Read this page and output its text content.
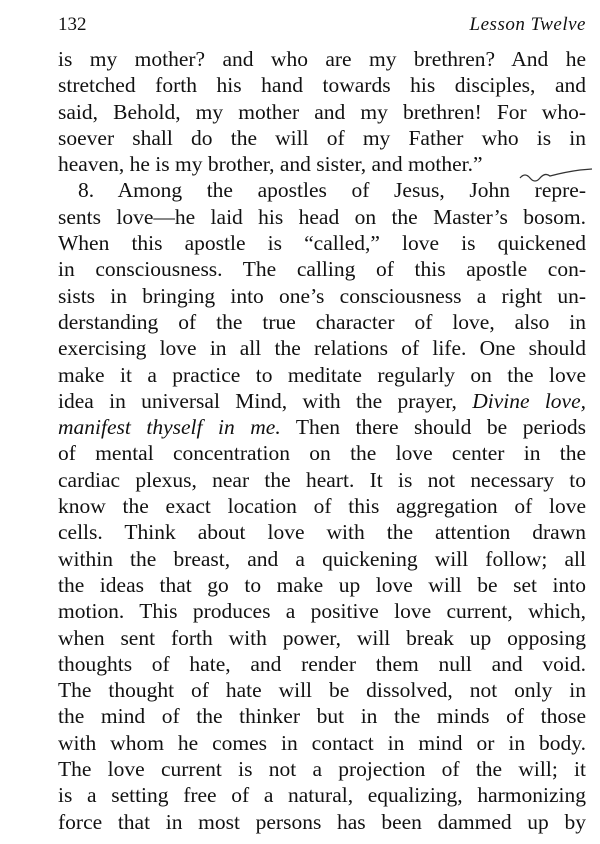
132	Lesson Twelve
is my mother? and who are my brethren? And he
stretched forth his hand towards his disciples, and
said, Behold, my mother and my brethren! For who-
soever shall do the will of my Father who is in
heaven, he is my brother, and sister, and mother.”
8. Among the apostles of Jesus, John repre-
sents love—he laid his head on the Master’s bosom.
When this apostle is “called,” love is quickened
in consciousness. The calling of this apostle con-
sists in bringing into one’s consciousness a right un-
derstanding of the true character of love, also in
exercising love in all the relations of life. One should
make it a practice to meditate regularly on the love
idea in universal Mind, with the prayer, Divine love,
manifest thyself in me. Then there should be periods
of mental concentration on the love center in the
cardiac plexus, near the heart. It is not necessary to
know the exact location of this aggregation of love
cells. Think about love with the attention drawn
within the breast, and a quickening will follow; all
the ideas that go to make up love will be set into
motion. This produces a positive love current, which,
when sent forth with power, will break up opposing
thoughts of hate, and render them null and void.
The thought of hate will be dissolved, not only in
the mind of the thinker but in the minds of those
with whom he comes in contact in mind or in body.
The love current is not a projection of the will; it
is a setting free of a natural, equalizing, harmonizing
force that in most persons has been dammed up by
